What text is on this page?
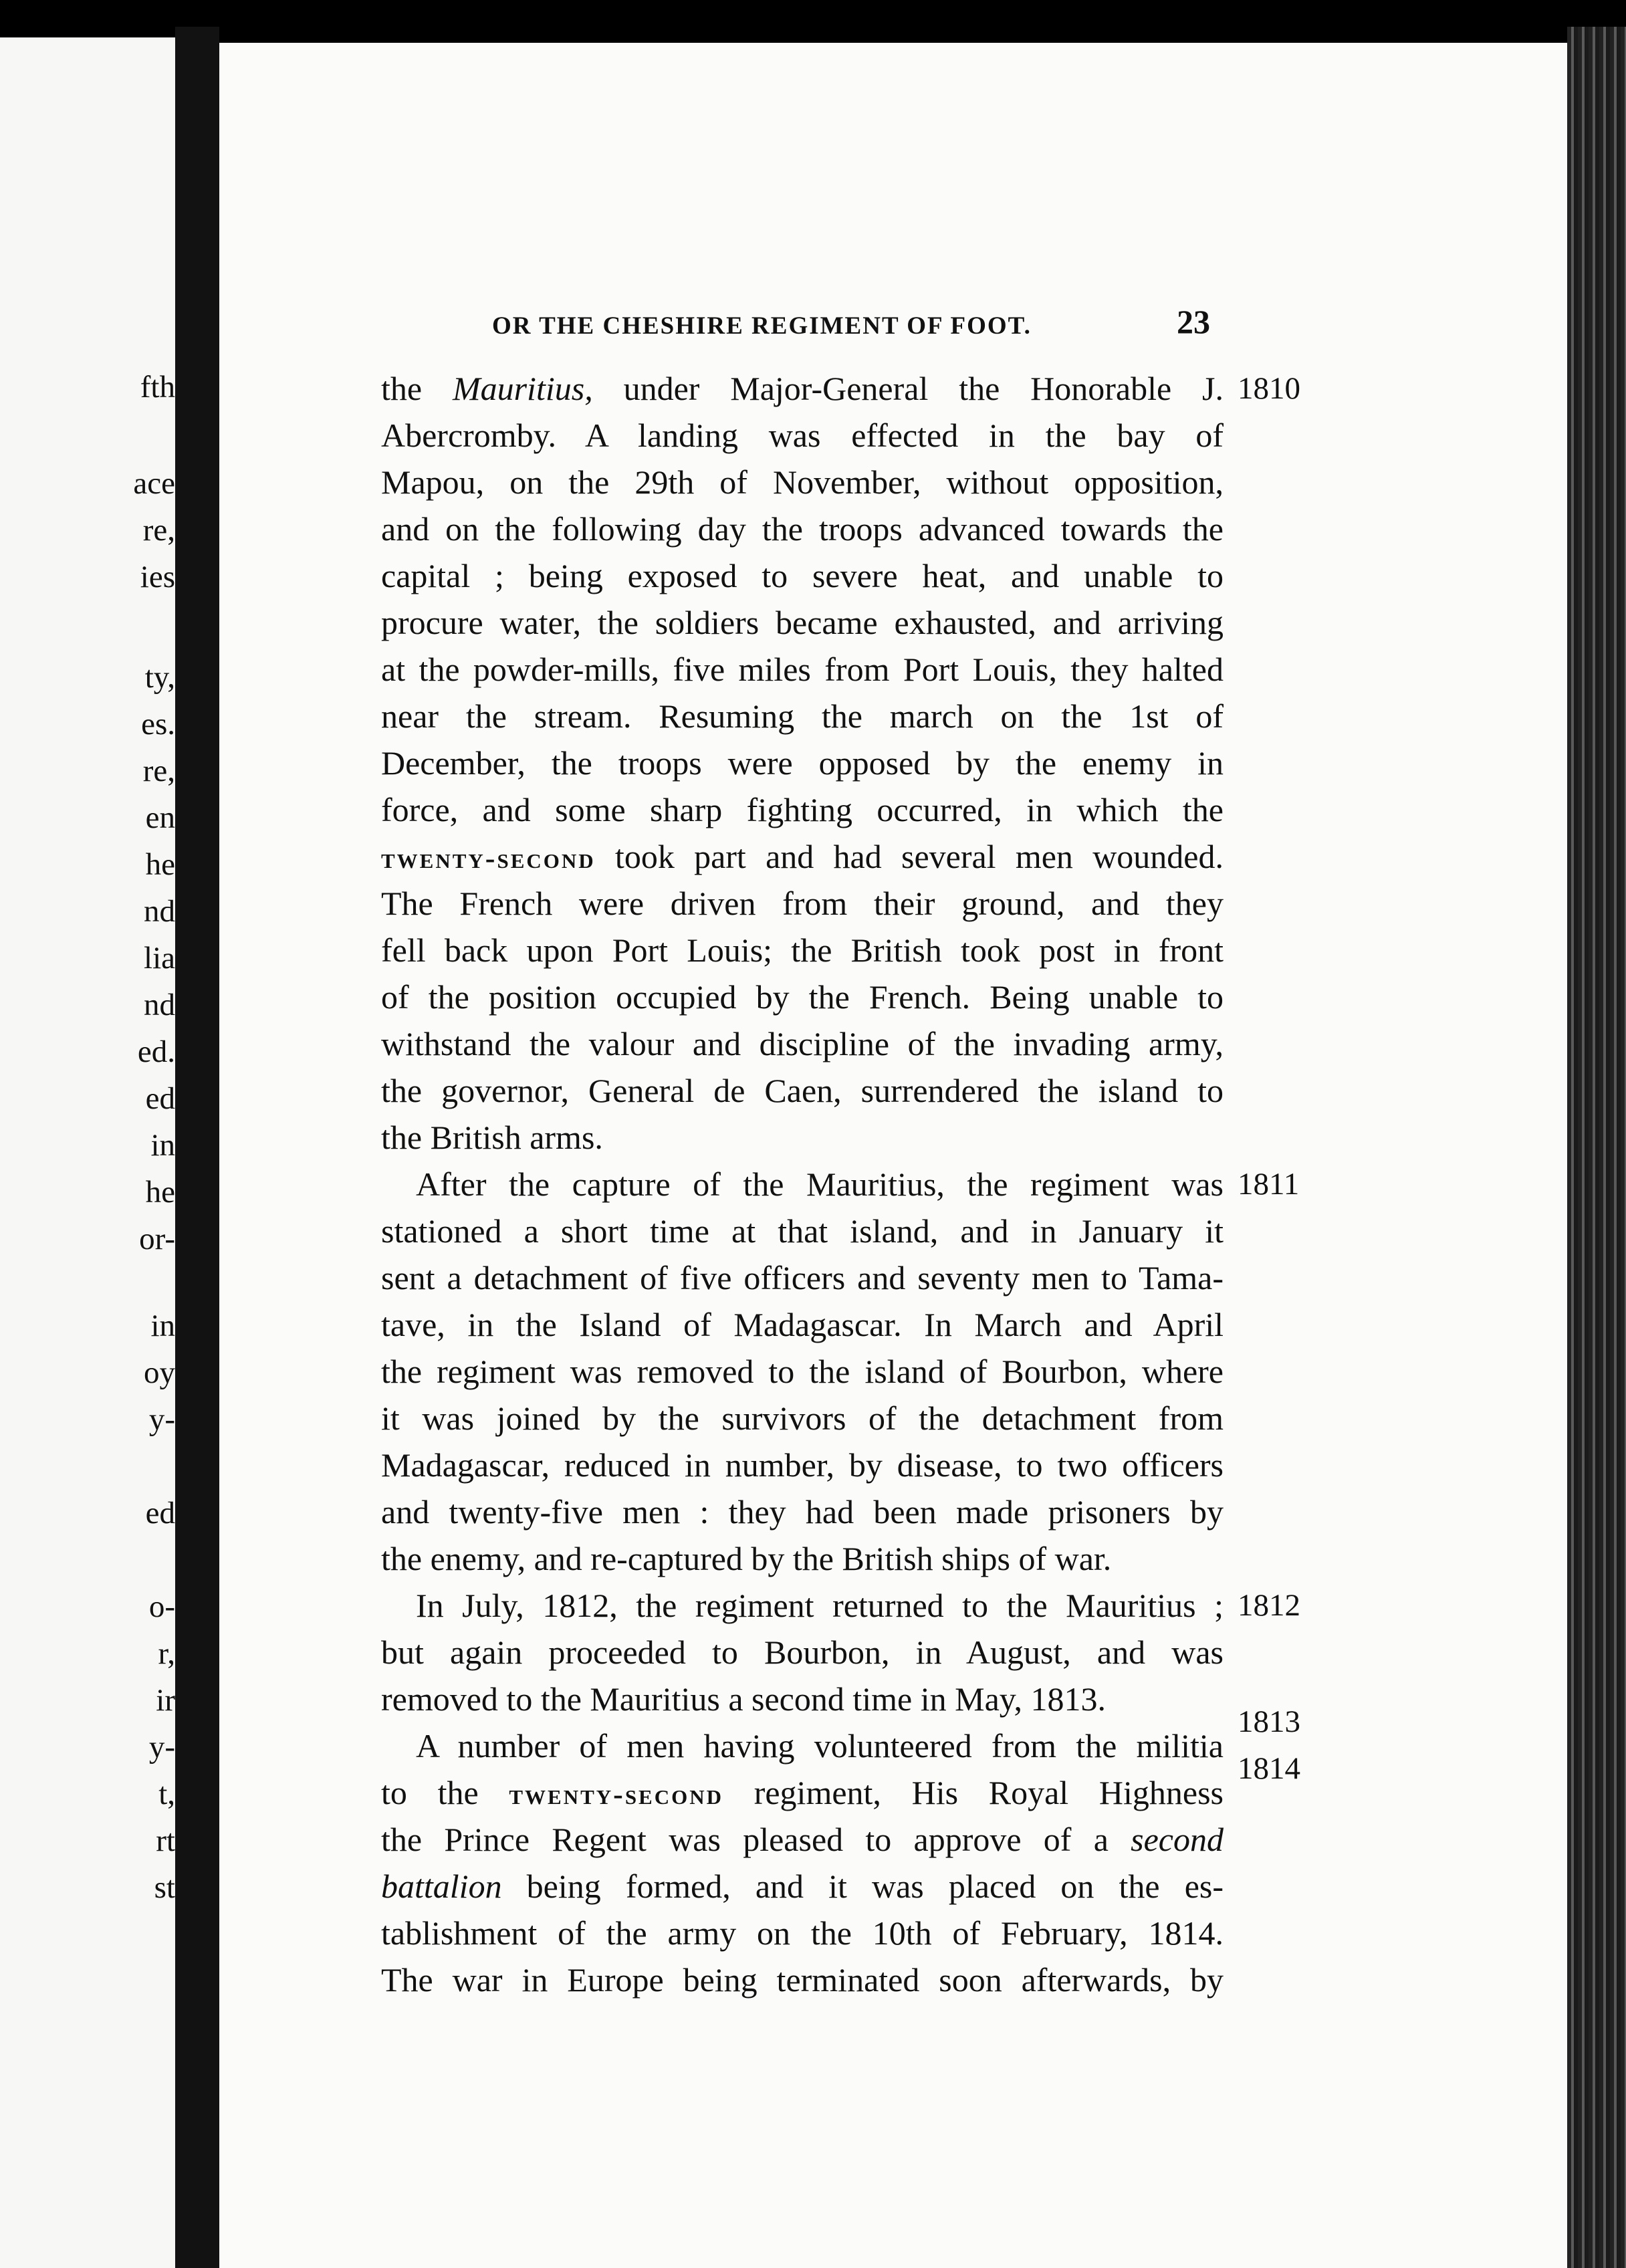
fth
ace
re,
ies
ty,
es.
re,
en
he
nd
lia
nd
ed.
ed
in
he
or-
in
oy
y-
ed
o-
r,
ir
y-
t,
rt
st
OR THE CHESHIRE REGIMENT OF FOOT.	23
the Mauritius, under Major-General the Honorable J.
Abercromby. A landing was effected in the bay of
Mapou, on the 29th of November, without opposition,
and on the following day the troops advanced towards the
capital ; being exposed to severe heat, and unable to
procure water, the soldiers became exhausted, and arriving
at the powder-mills, five miles from Port Louis, they halted
near the stream. Resuming the march on the 1st of
December, the troops were opposed by the enemy in
force, and some sharp fighting occurred, in which the
twenty-second took part and had several men wounded.
The French were driven from their ground, and they
fell back upon Port Louis; the British took post in front
of the position occupied by the French. Being unable to
withstand the valour and discipline of the invading army,
the governor, General de Caen, surrendered the island to
the British arms.
After the capture of the Mauritius, the regiment was
stationed a short time at that island, and in January it
sent a detachment of five officers and seventy men to Tama-
tave, in the Island of Madagascar. In March and April
the regiment was removed to the island of Bourbon, where
it was joined by the survivors of the detachment from
Madagascar, reduced in number, by disease, to two officers
and twenty-five men : they had been made prisoners by
the enemy, and re-captured by the British ships of war.
In July, 1812, the regiment returned to the Mauritius ;
but again proceeded to Bourbon, in August, and was
removed to the Mauritius a second time in May, 1813.
A number of men having volunteered from the militia
to the twenty-second regiment, His Royal Highness
the Prince Regent was pleased to approve of a second
battalion being formed, and it was placed on the es-
tablishment of the army on the 10th of February, 1814.
The war in Europe being terminated soon afterwards, by
1810
1811
1812
1813
1814
